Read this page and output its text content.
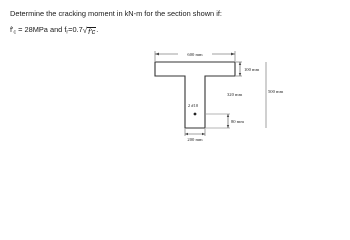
Determine the cracking moment in kN-m for the section shown if:
$f'_c = 28MPa$ and $f_r=0.7$ √ f'c .
600 mm
100 mm
320 mm
500 mm
2 #10
80 mm
200 mm
